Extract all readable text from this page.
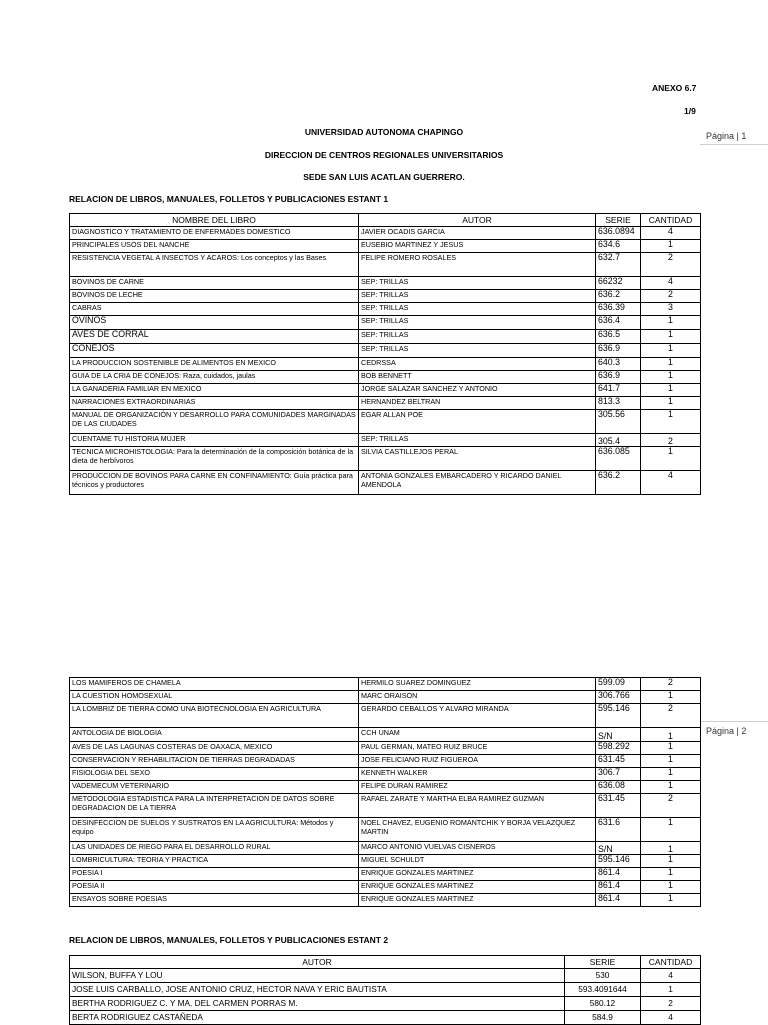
ANEXO 6.7
1/9
UNIVERSIDAD AUTONOMA CHAPINGO
DIRECCION DE CENTROS REGIONALES UNIVERSITARIOS
SEDE SAN LUIS ACATLAN GUERRERO.
RELACION DE LIBROS, MANUALES, FOLLETOS Y PUBLICACIONES ESTANT 1
Página | 1
Página | 2
NOMBRE DEL LIBRO	AUTOR	SERIE	CANTIDAD
DIAGNOSTICO Y TRATAMIENTO DE ENFERMADES DOMESTICO	JAVIER OCADIS GARCIA	636.0894	4
PRINCIPALES USOS DEL NANCHE	EUSEBIO MARTINEZ Y JESUS	634.6	1
RESISTENCIA VEGETAL A INSECTOS Y ACAROS: Los conceptos y las Bases	FELIPE ROMERO ROSALES	632.7	2
BOVINOS DE CARNE	SEP: TRILLAS	66232	4
BOVINOS DE LECHE	SEP: TRILLAS	636.2	2
CABRAS	SEP: TRILLAS	636.39	3
OVINOS	SEP: TRILLAS	636.4	1
AVES DE CORRAL	SEP: TRILLAS	636.5	1
CONEJOS	SEP: TRILLAS	636.9	1
LA PRODUCCION SOSTENIBLE DE ALIMENTOS EN MEXICO	CEDRSSA	640.3	1
GUIA DE LA CRIA DE CONEJOS: Raza, cuidados, jaulas	BOB BENNETT	636.9	1
LA GANADERIA FAMILIAR EN MEXICO	JORGE SALAZAR SANCHEZ Y ANTONIO	641.7	1
NARRACIONES EXTRAORDINARIAS	HERNANDEZ BELTRAN	813.3	1
MANUAL DE ORGANIZACIÓN Y DESARROLLO PARA COMUNIDADES MARGINADAS DE LAS CIUDADES	EGAR ALLAN POE	305.56	1
CUENTAME TU HISTORIA MUJER	SEP: TRILLAS	305.4	2
TECNICA MICROHISTOLOGIA: Para la determinación de la composición botánica de la dieta de herbívoros	SILVIA CASTILLEJOS PERAL	636.085	1
PRODUCCION DE BOVINOS PARA CARNE EN CONFINAMIENTO: Guía práctica para técnicos y productores	ANTONIA GONZALES EMBARCADERO Y RICARDO DANIEL AMENDOLA	636.2	4
LOS MAMIFEROS DE CHAMELA	HERMILO SUAREZ DOMINGUEZ	599.09	2
LA CUESTION HOMOSEXUAL	MARC ORAISON	306.766	1
LA LOMBRIZ DE TIERRA COMO UNA BIOTECNOLOGIA EN AGRICULTURA	GERARDO CEBALLOS Y ALVARO MIRANDA	595.146	2
ANTOLOGIA DE BIOLOGIA	CCH UNAM	S/N	1
AVES DE LAS LAGUNAS COSTERAS DE OAXACA, MEXICO	PAUL GERMAN, MATEO RUIZ BRUCE	598.292	1
CONSERVACION Y REHABILITACION DE TIERRAS DEGRADADAS	JOSE FELICIANO RUIZ FIGUEROA	631.45	1
FISIOLOGIA DEL SEXO	KENNETH WALKER	306.7	1
VADEMECUM VETERINARIO	FELIPE DURAN RAMIREZ	636.08	1
METODOLOGIA ESTADISTICA PARA LA INTERPRETACION DE DATOS SOBRE DEGRADACION DE LA TIERRA	RAFAEL ZARATE Y MARTHA ELBA RAMIREZ GUZMAN	631.45	2
DESINFECCION DE SUELOS Y SUSTRATOS EN LA AGRICULTURA: Métodos y equipo	NOEL CHAVEZ, EUGENIO ROMANTCHIK Y BORJA VELAZQUEZ MARTIN	631.6	1
LAS UNIDADES DE RIEGO PARA EL DESARROLLO RURAL	MARCO ANTONIO VUELVAS CISNEROS	S/N	1
LOMBRICULTURA: TEORIA Y PRACTICA	MIGUEL SCHULDT	595.146	1
POESIA I	ENRIQUE GONZALES MARTINEZ	861.4	1
POESIA II	ENRIQUE GONZALES MARTINEZ	861.4	1
ENSAYOS SOBRE POESIAS	ENRIQUE GONZALES MARTINEZ	861.4	1
RELACION DE LIBROS, MANUALES, FOLLETOS Y PUBLICACIONES ESTANT 2
AUTOR	SERIE	CANTIDAD
WILSON, BUFFA Y LOU	530	4
JOSE LUIS CARBALLO, JOSE ANTONIO CRUZ, HECTOR NAVA Y ERIC BAUTISTA	593.4091644	1
BERTHA RODRIGUEZ C. Y MA. DEL CARMEN PORRAS M.	580.12	2
BERTA RODRIGUEZ CASTAÑEDA	584.9	4
